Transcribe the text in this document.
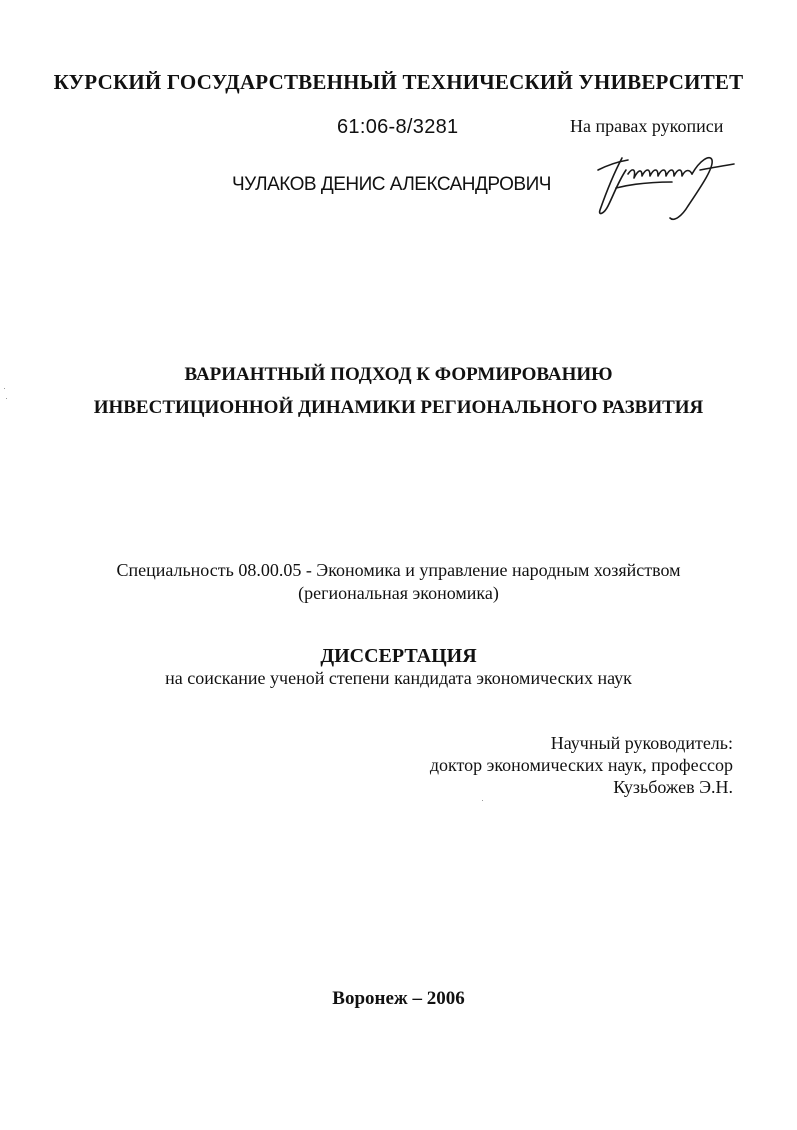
КУРСКИЙ ГОСУДАРСТВЕННЫЙ ТЕХНИЧЕСКИЙ УНИВЕРСИТЕТ

61:06-8/3281	На правах рукописи

ЧУЛАКОВ ДЕНИС АЛЕКСАНДРОВИЧ

ВАРИАНТНЫЙ ПОДХОД К ФОРМИРОВАНИЮ

ИНВЕСТИЦИОННОЙ ДИНАМИКИ РЕГИОНАЛЬНОГО РАЗВИТИЯ

Специальность 08.00.05 - Экономика и управление народным хозяйством

(региональная экономика)

ДИССЕРТАЦИЯ

на соискание ученой степени кандидата экономических наук

Научный руководитель:

доктор экономических наук, профессор

Кузьбожев Э.Н.

Воронеж – 2006
